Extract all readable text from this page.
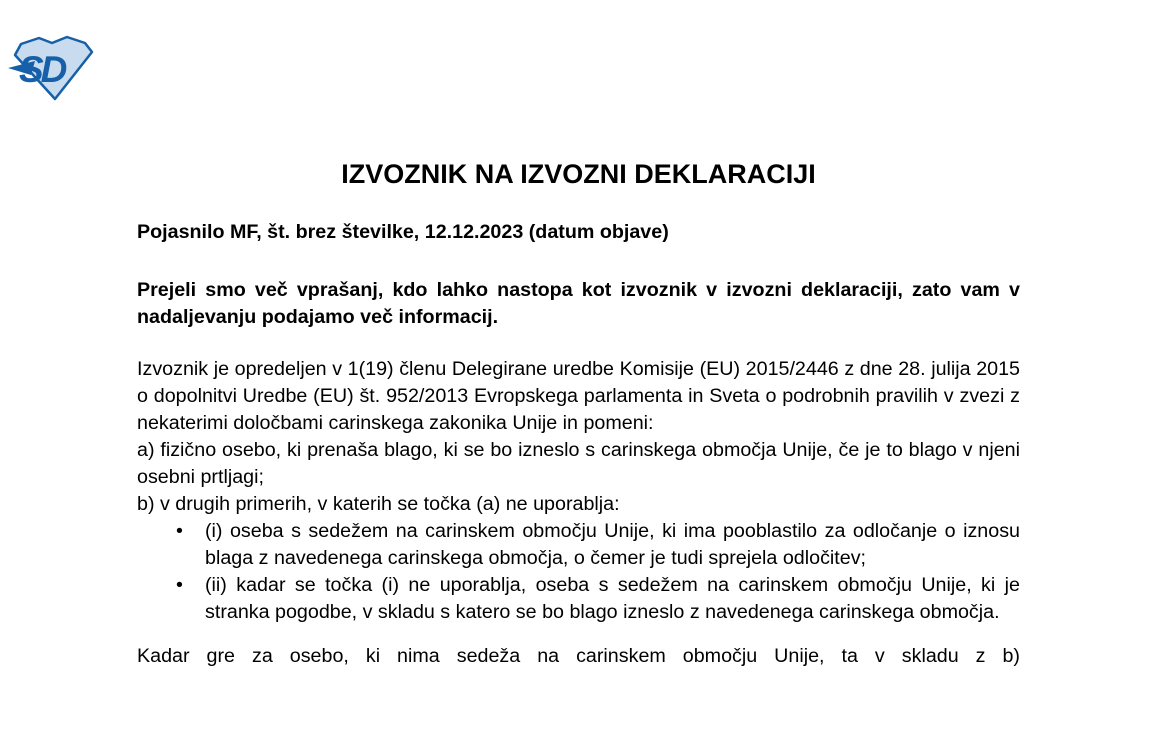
SD
IZVOZNIK NA IZVOZNI DEKLARACIJI

Pojasnilo MF, št. brez številke, 12.12.2023 (datum objave)

Prejeli smo več vprašanj, kdo lahko nastopa kot izvoznik v izvozni deklaraciji, zato vam v nadaljevanju podajamo več informacij.

Izvoznik je opredeljen v 1(19) členu Delegirane uredbe Komisije (EU) 2015/2446 z dne 28. julija 2015 o dopolnitvi Uredbe (EU) št. 952/2013 Evropskega parlamenta in Sveta o podrobnih pravilih v zvezi z nekaterimi določbami carinskega zakonika Unije in pomeni:

a) fizično osebo, ki prenaša blago, ki se bo izneslo s carinskega območja Unije, če je to blago v njeni osebni prtljagi;

b) v drugih primerih, v katerih se točka (a) ne uporablja:

• (i) oseba s sedežem na carinskem območju Unije, ki ima pooblastilo za odločanje o iznosu blaga z navedenega carinskega območja, o čemer je tudi sprejela odločitev;
• (ii) kadar se točka (i) ne uporablja, oseba s sedežem na carinskem območju Unije, ki je stranka pogodbe, v skladu s katero se bo blago izneslo z navedenega carinskega območja.

Kadar gre za osebo, ki nima sedeža na carinskem območju Unije, ta v skladu z b)
